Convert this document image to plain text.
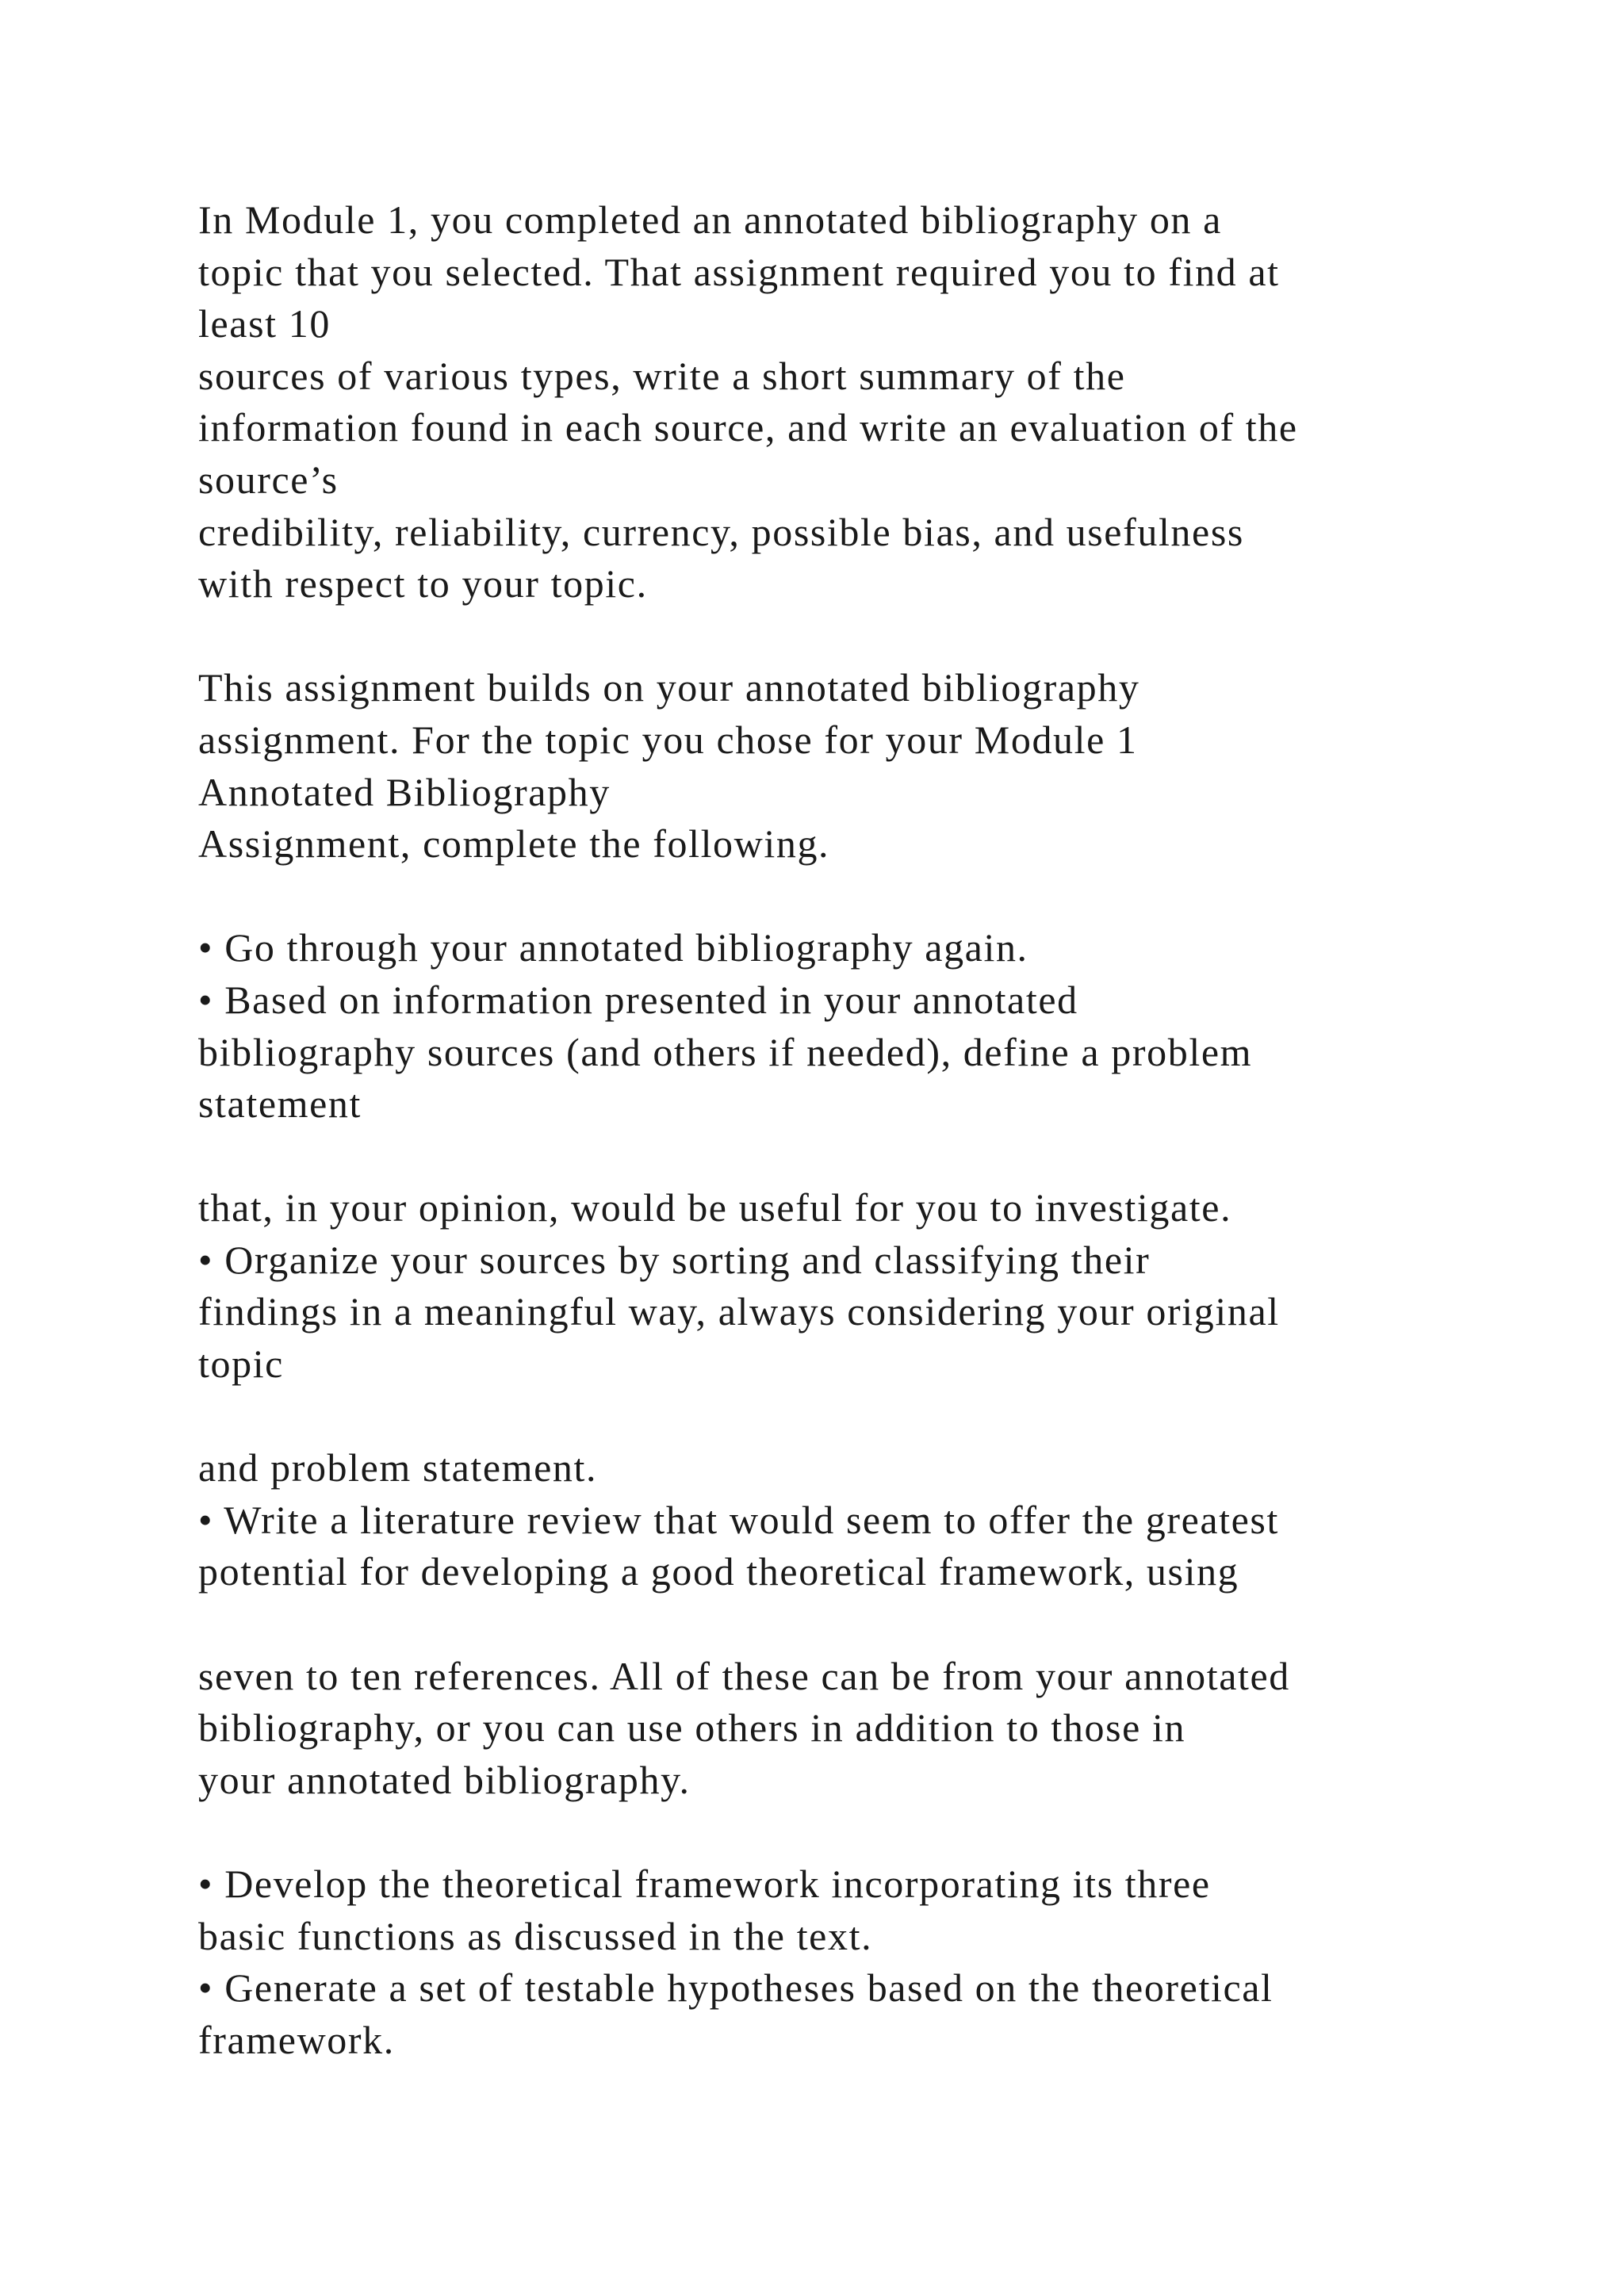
In Module 1, you completed an annotated bibliography on a
topic that you selected. That assignment required you to find at
least 10
sources of various types, write a short summary of the
information found in each source, and write an evaluation of the
source’s
credibility, reliability, currency, possible bias, and usefulness
with respect to your topic.
This assignment builds on your annotated bibliography
assignment. For the topic you chose for your Module 1
Annotated Bibliography
Assignment, complete the following.
• Go through your annotated bibliography again.
• Based on information presented in your annotated
bibliography sources (and others if needed), define a problem
statement
that, in your opinion, would be useful for you to investigate.
• Organize your sources by sorting and classifying their
findings in a meaningful way, always considering your original
topic
and problem statement.
• Write a literature review that would seem to offer the greatest
potential for developing a good theoretical framework, using
seven to ten references. All of these can be from your annotated
bibliography, or you can use others in addition to those in
your annotated bibliography.
• Develop the theoretical framework incorporating its three
basic functions as discussed in the text.
• Generate a set of testable hypotheses based on the theoretical
framework.
